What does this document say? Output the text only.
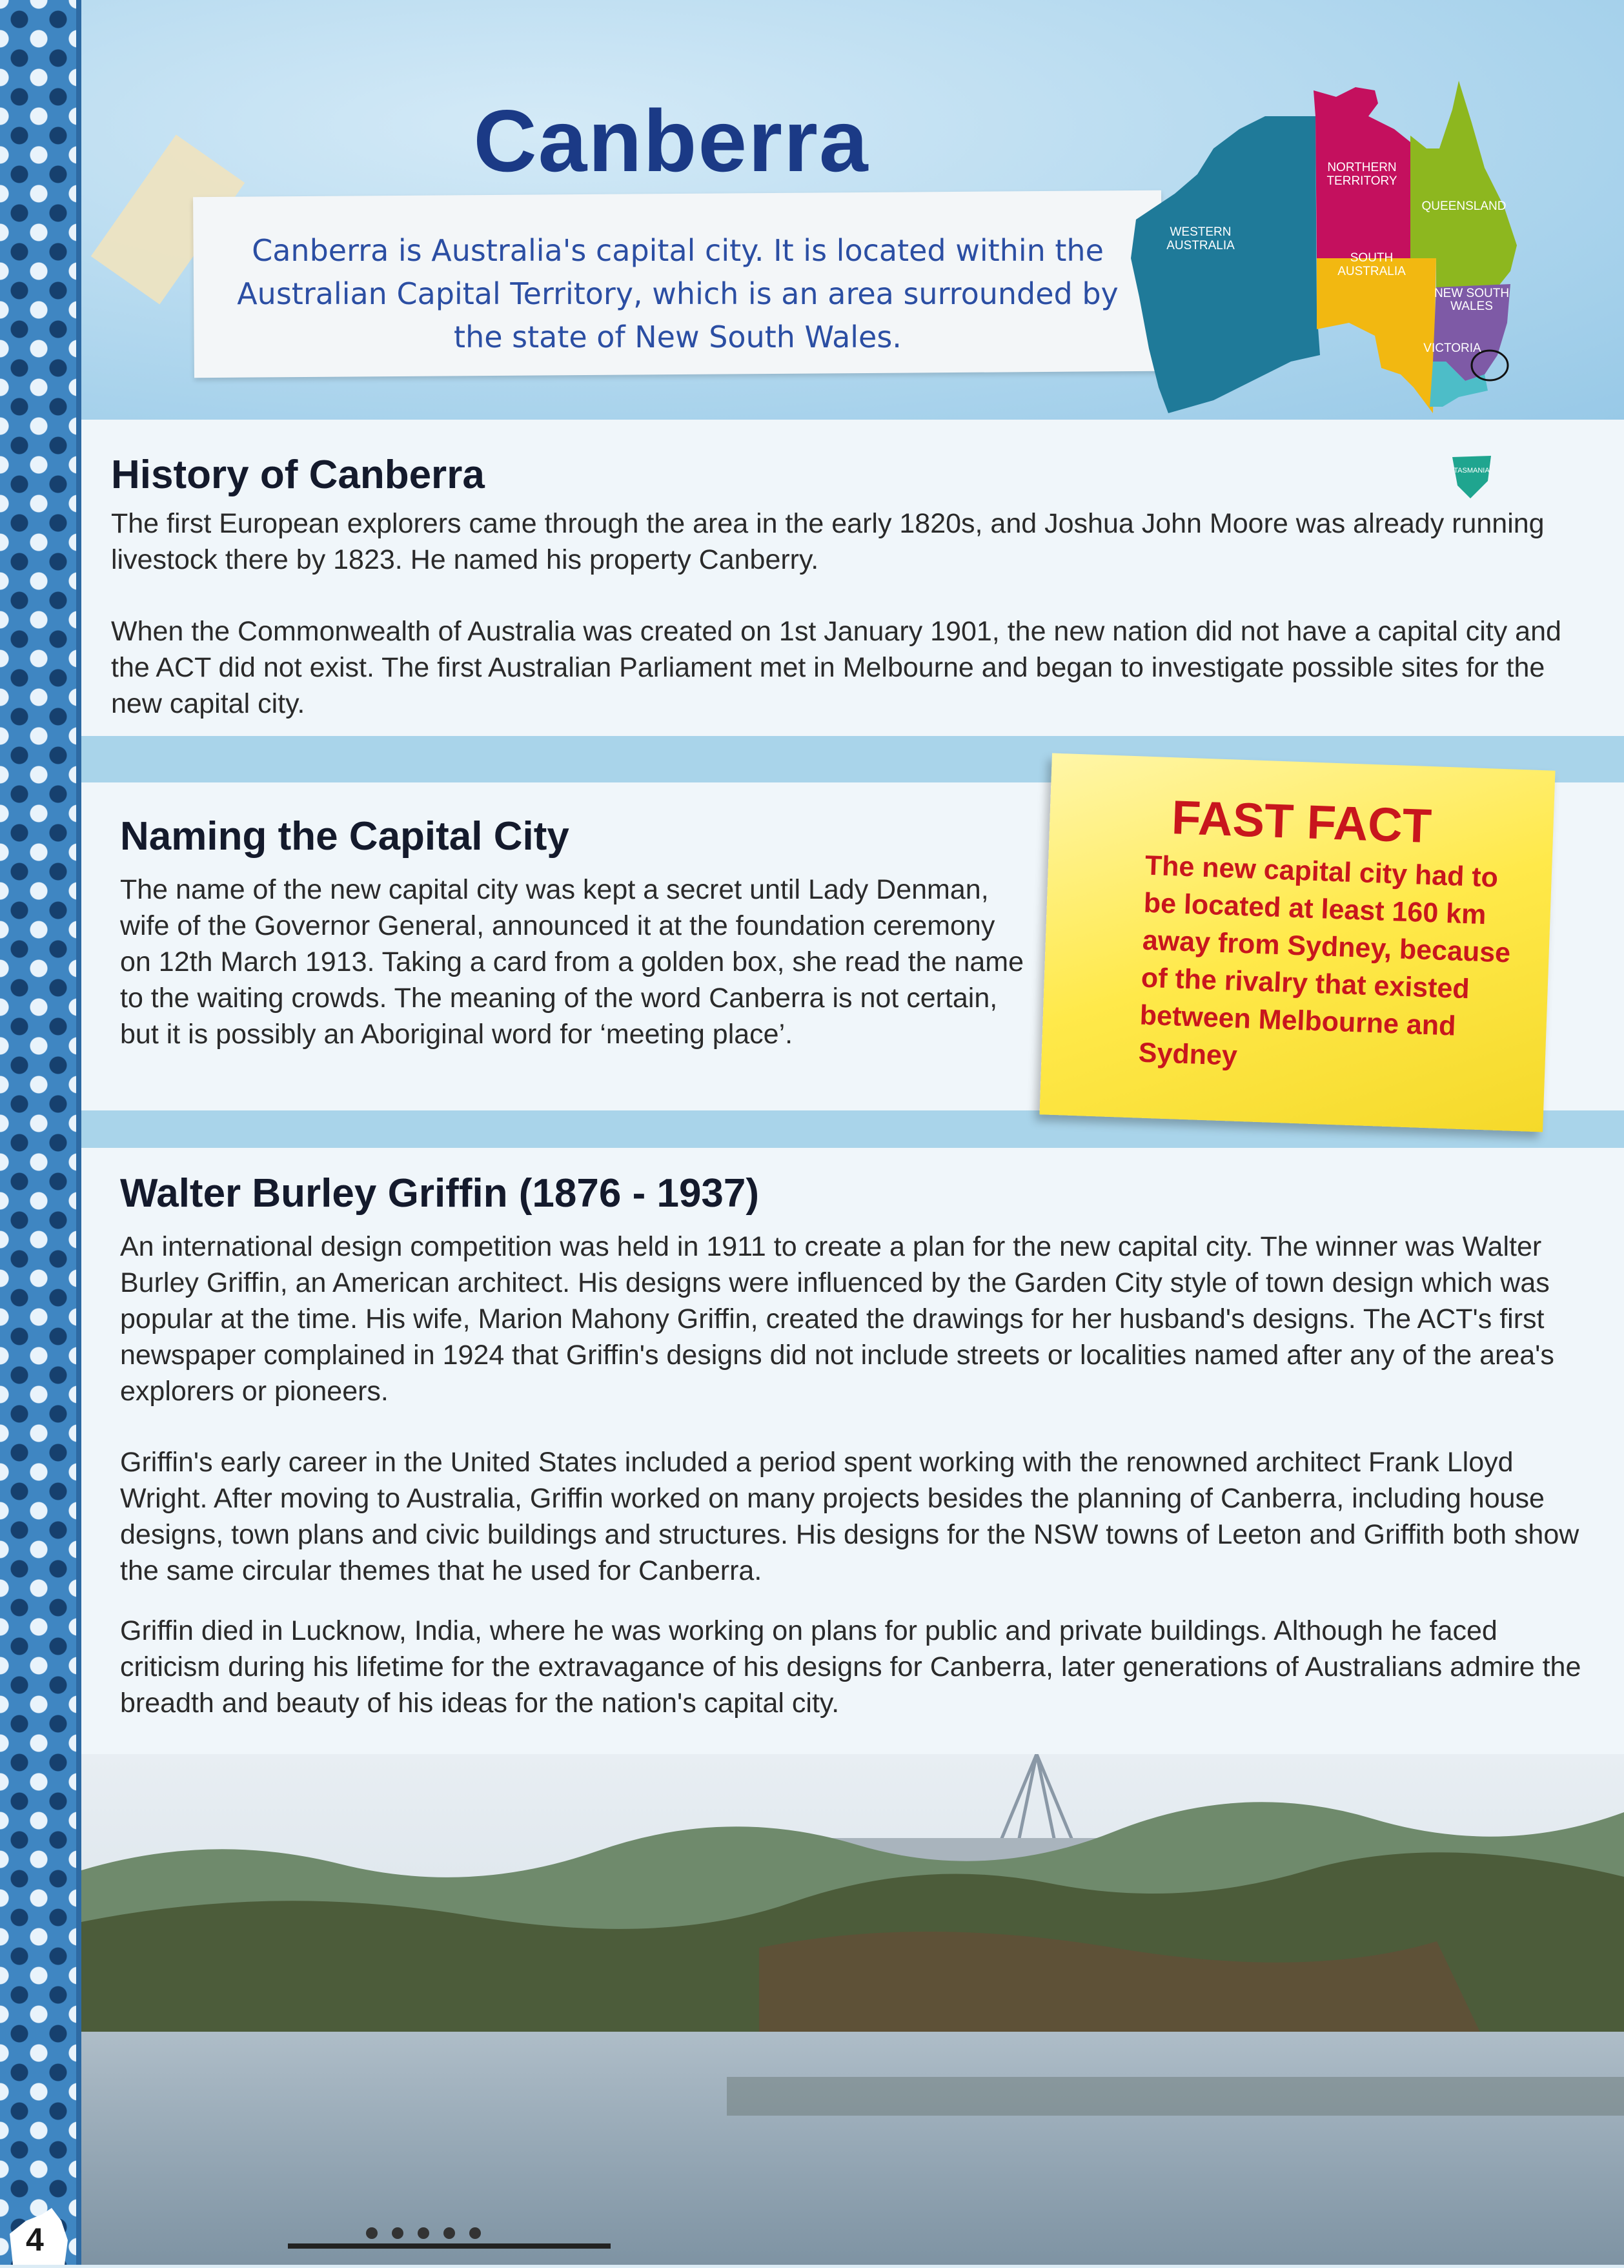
Canberra
Canberra is Australia's capital city. It is located within the Australian Capital Territory, which is an area surrounded by the state of New South Wales.
WESTERN
AUSTRALIA
NORTHERN
TERRITORY
QUEENSLAND
SOUTH
AUSTRALIA
NEW SOUTH
WALES
VICTORIA
TASMANIA
History of Canberra

The first European explorers came through the area in the early 1820s, and Joshua John Moore was already running livestock there by 1823. He named his property Canberry.

When the Commonwealth of Australia was created on 1st January 1901, the new nation did not have a capital city and the ACT did not exist. The first Australian Parliament met in Melbourne and began to investigate possible sites for the new capital city.

Naming the Capital City

The name of the new capital city was kept a secret until Lady Denman, wife of the Governor General, announced it at the foundation ceremony on 12th March 1913. Taking a card from a golden box, she read the name to the waiting crowds. The meaning of the word Canberra is not certain, but it is possibly an Aboriginal word for ‘meeting place’.

FAST FACT
The new capital city had to be located at least 160 km away from Sydney, because of the rivalry that existed between Melbourne and Sydney
Walter Burley Griffin (1876 - 1937)

An international design competition was held in 1911 to create a plan for the new capital city. The winner was Walter Burley Griffin, an American architect. His designs were influenced by the Garden City style of town design which was popular at the time. His wife, Marion Mahony Griffin, created the drawings for her husband's designs. The ACT's first newspaper complained in 1924 that Griffin's designs did not include streets or localities named after any of the area's explorers or pioneers.

Griffin's early career in the United States included a period spent working with the renowned architect Frank Lloyd Wright. After moving to Australia, Griffin worked on many projects besides the planning of Canberra, including house designs, town plans and civic buildings and structures. His designs for the NSW towns of Leeton and Griffith both show the same circular themes that he used for Canberra.

Griffin died in Lucknow, India, where he was working on plans for public and private buildings. Although he faced criticism during his lifetime for the extravagance of his designs for Canberra, later generations of Australians admire the breadth and beauty of his ideas for the nation's capital city.

4
